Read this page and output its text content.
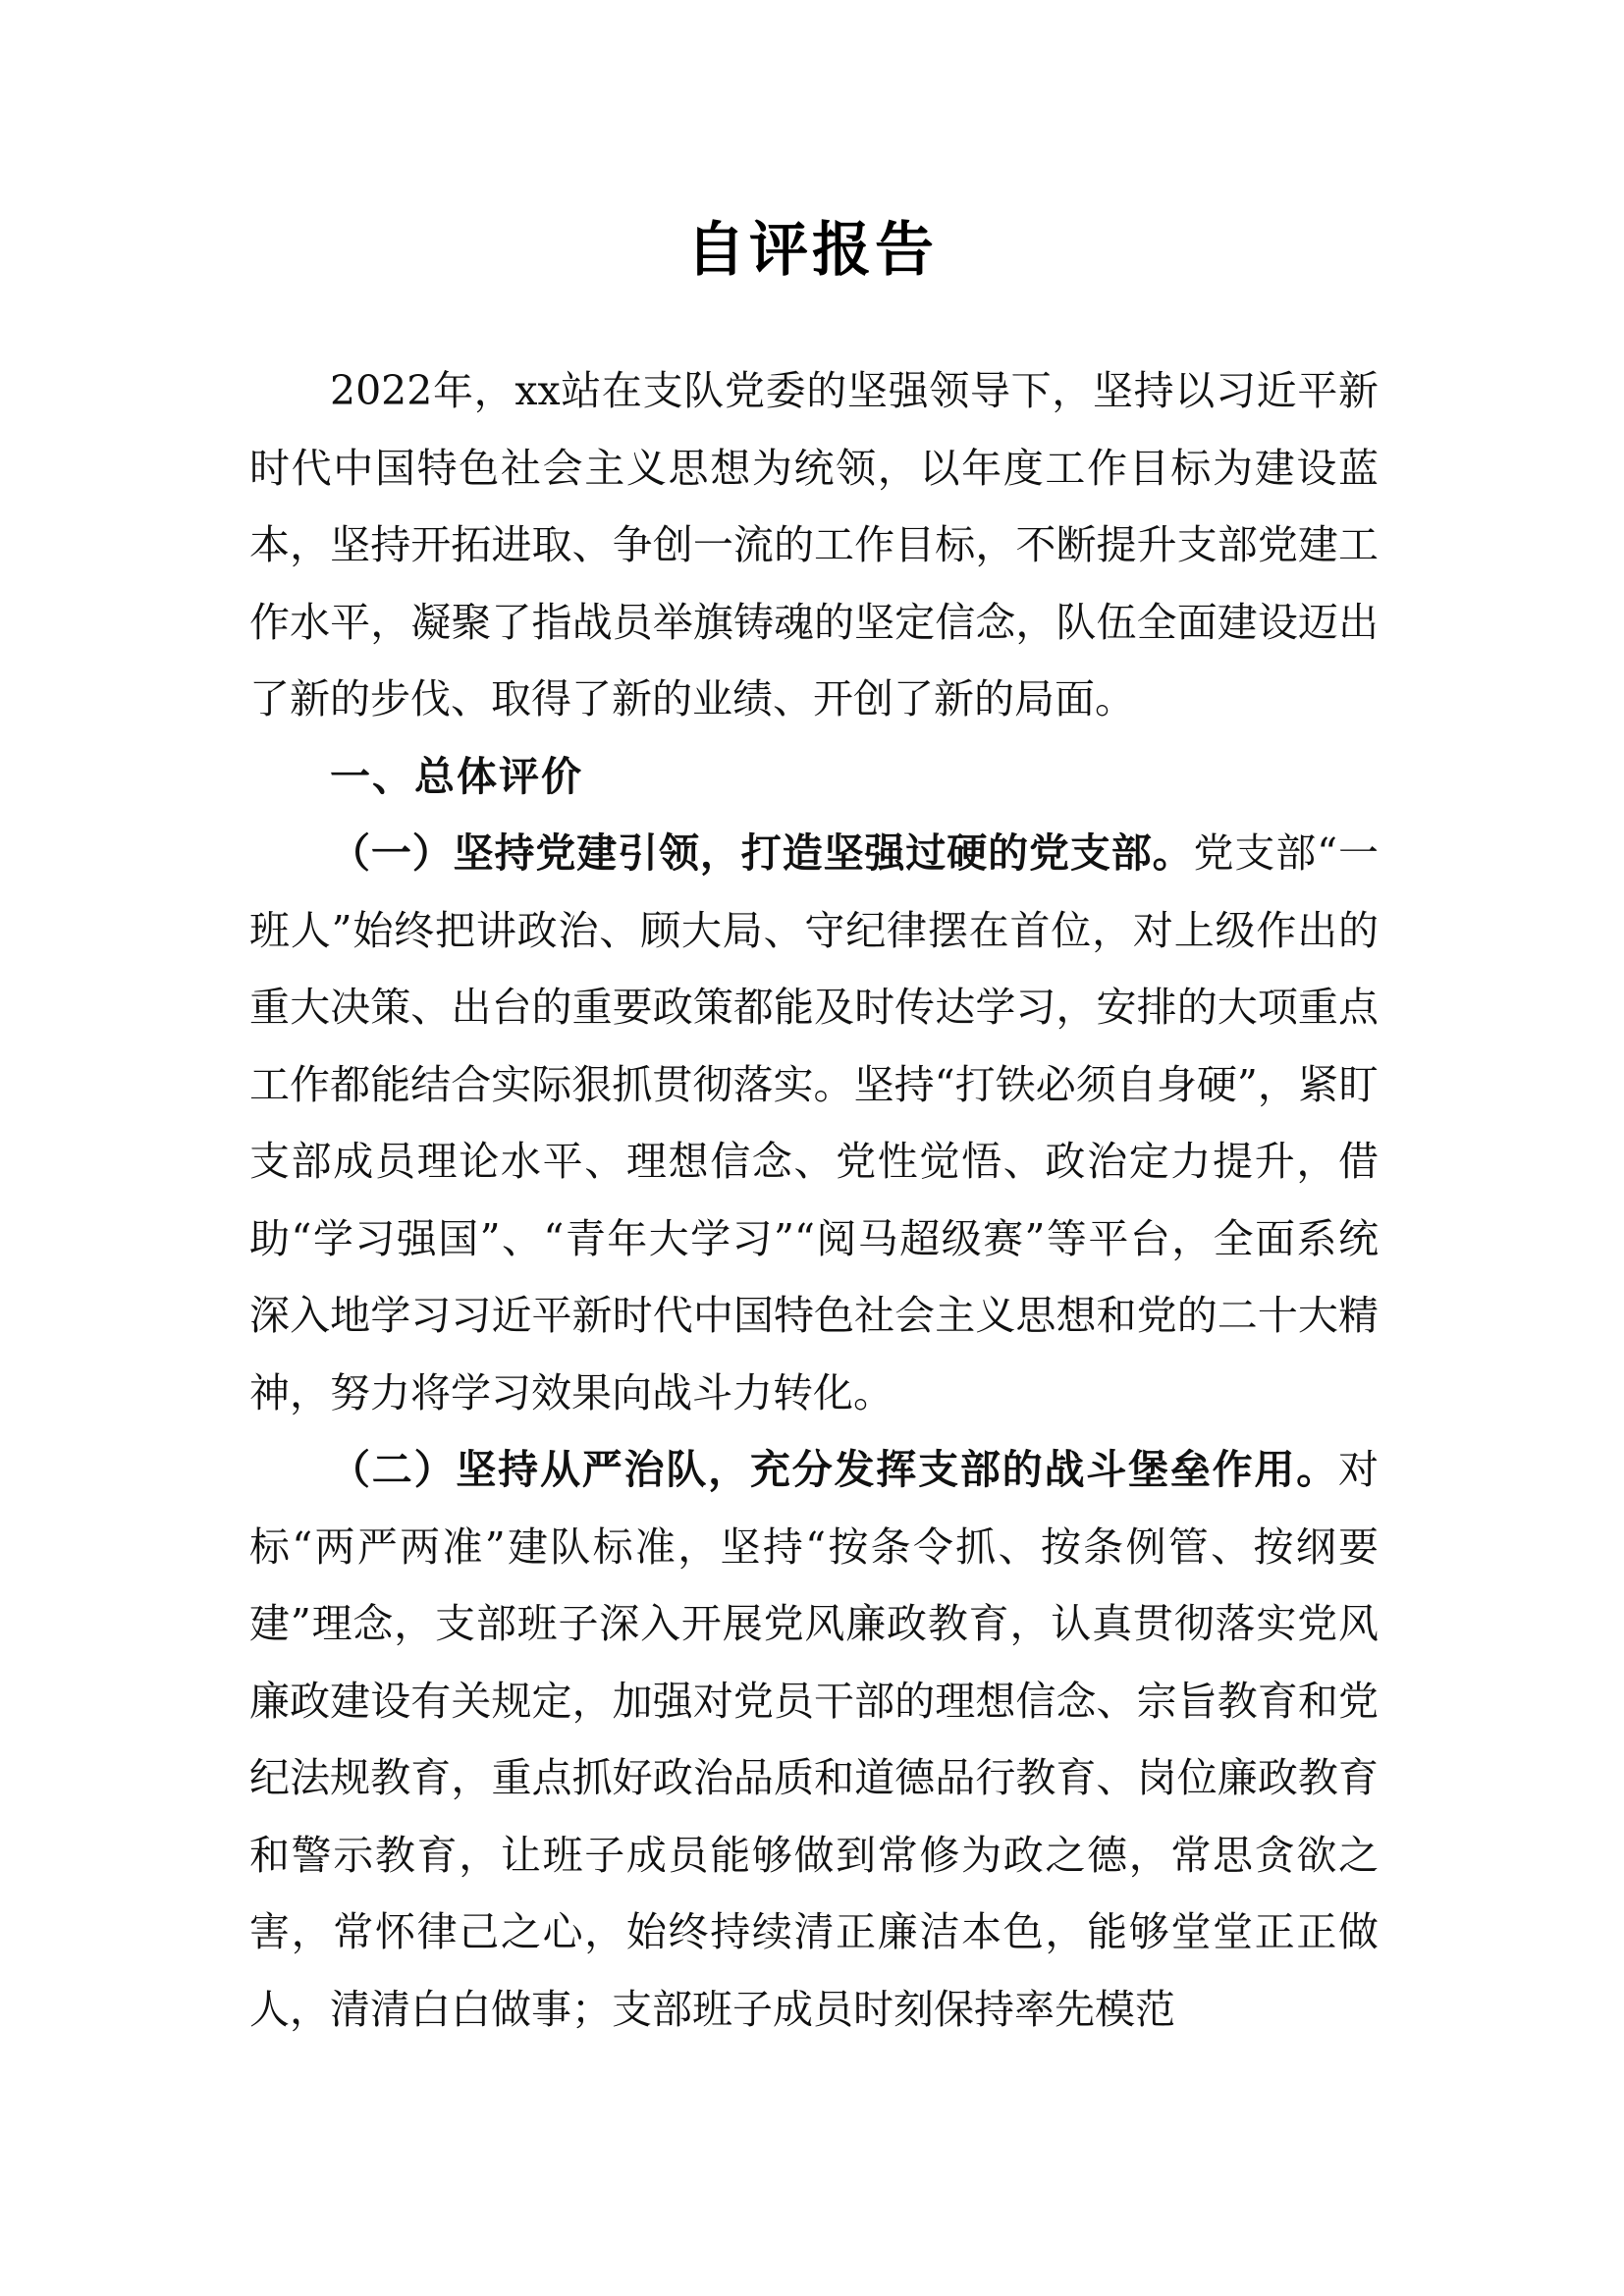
自评报告

2022年，xx站在支队党委的坚强领导下，坚持以习近平新时代中国特色社会主义思想为统领，以年度工作目标为建设蓝本，坚持开拓进取、争创一流的工作目标，不断提升支部党建工作水平，凝聚了指战员举旗铸魂的坚定信念，队伍全面建设迈出了新的步伐、取得了新的业绩、开创了新的局面。

一、总体评价

（一）坚持党建引领，打造坚强过硬的党支部。党支部“一班人”始终把讲政治、顾大局、守纪律摆在首位，对上级作出的重大决策、出台的重要政策都能及时传达学习，安排的大项重点工作都能结合实际狠抓贯彻落实。坚持“打铁必须自身硬”，紧盯支部成员理论水平、理想信念、党性觉悟、政治定力提升，借助“学习强国”、“青年大学习”“阅马超级赛”等平台，全面系统深入地学习习近平新时代中国特色社会主义思想和党的二十大精神，努力将学习效果向战斗力转化。

（二）坚持从严治队，充分发挥支部的战斗堡垒作用。对标“两严两准”建队标准，坚持“按条令抓、按条例管、按纲要建”理念，支部班子深入开展党风廉政教育，认真贯彻落实党风廉政建设有关规定，加强对党员干部的理想信念、宗旨教育和党纪法规教育，重点抓好政治品质和道德品行教育、岗位廉政教育和警示教育，让班子成员能够做到常修为政之德，常思贪欲之害，常怀律己之心，始终持续清正廉洁本色，能够堂堂正正做人，清清白白做事；支部班子成员时刻保持率先模范
